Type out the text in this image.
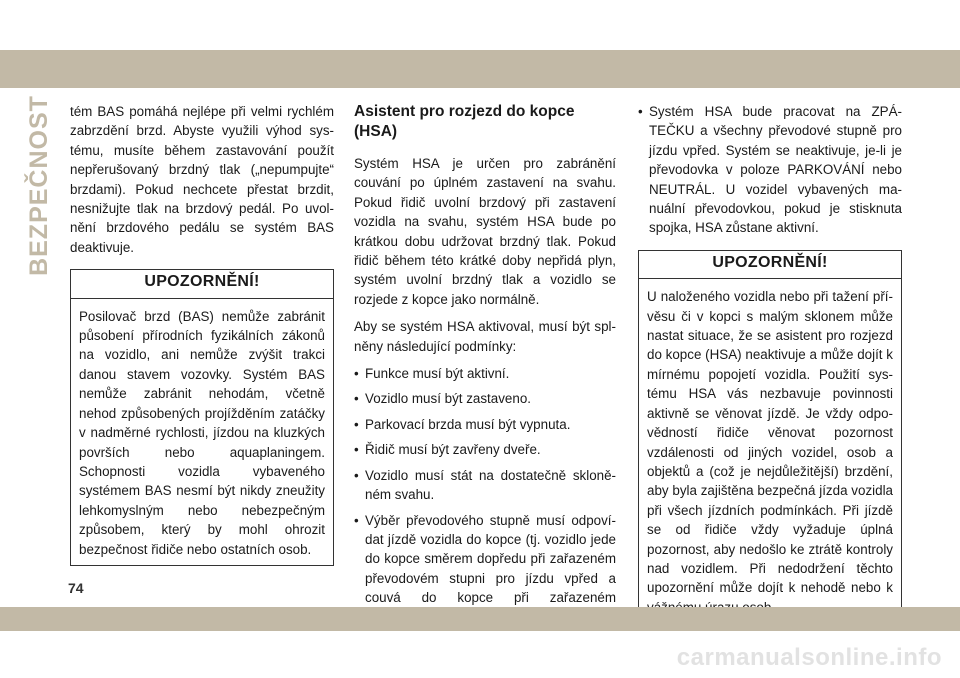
BEZPEČNOST tém BAS pomáhá nejlépe při velmi rychlém zabrzdění brzd. Abyste využili výhod systému, musíte během zastavování použít nepřerušovaný brzdný tlak („nepumpujte“ brzdami). Pokud nechcete přestat brzdit, nesnižujte tlak na brzdový pedál. Po uvolnění brzdového pedálu se systém BAS deaktivuje.

UPOZORNĚNÍ!
Posilovač brzd (BAS) nemůže zabránit působení přírodních fyzikálních zákonů na vozidlo, ani nemůže zvýšit trakci danou stavem vozovky. Systém BAS nemůže zabránit nehodám, včetně nehod způsobených projížděním zatáčky v nadměrné rychlosti, jízdou na kluzkých površích nebo aquaplaningem. Schopnosti vozidla vybaveného systémem BAS nesmí být nikdy zneužity lehkomyslným nebo nebezpečným způsobem, který by mohl ohrozit bezpečnost řidiče nebo ostatních osob.
Asistent pro rozjezd do kopce (HSA)

Systém HSA je určen pro zabránění couvání po úplném zastavení na svahu. Pokud řidič uvolní brzdový při zastavení vozidla na svahu, systém HSA bude po krátkou dobu udržovat brzdný tlak. Pokud řidič během této krátké doby nepřidá plyn, systém uvolní brzdný tlak a vozidlo se rozjede z kopce jako normálně.

Aby se systém HSA aktivoval, musí být splněny následující podmínky:

• Funkce musí být aktivní.
• Vozidlo musí být zastaveno.
• Parkovací brzda musí být vypnuta.
• Řidič musí být zavřeny dveře.
• Vozidlo musí stát na dostatečně skloněném svahu.
• Výběr převodového stupně musí odpovídat jízdě vozidla do kopce (tj. vozidlo jede do kopce směrem dopředu při zařazeném převodovém stupni pro jízdu vpřed a couvá do kopce při zařazeném
• Systém HSA bude pracovat na ZPÁTEČKU a všechny převodové stupně pro jízdu vpřed. Systém se neaktivuje, je-li je převodovka v poloze PARKOVÁNÍ nebo NEUTRÁL. U vozidel vybavených manuální převodovkou, pokud je stisknuta spojka, HSA zůstane aktivní.
UPOZORNĚNÍ!
U naloženého vozidla nebo při tažení přívěsu či v kopci s malým sklonem může nastat situace, že se asistent pro rozjezd do kopce (HSA) neaktivuje a může dojít k mírnému popojetí vozidla. Použití systému HSA vás nezbavuje povinnosti aktivně se věnovat jízdě. Je vždy odpovědností řidiče věnovat pozornost vzdálenosti od jiných vozidel, osob a objektů a (což je nejdůležitější) brzdění, aby byla zajištěna bezpečná jízda vozidla při všech jízdních podmínkách. Při jízdě se od řidiče vždy vyžaduje úplná pozornost, aby nedošlo ke ztrátě kontroly nad vozidlem. Při nedodržení těchto upozornění může dojít k nehodě nebo k
74
carmanualsonline.info
